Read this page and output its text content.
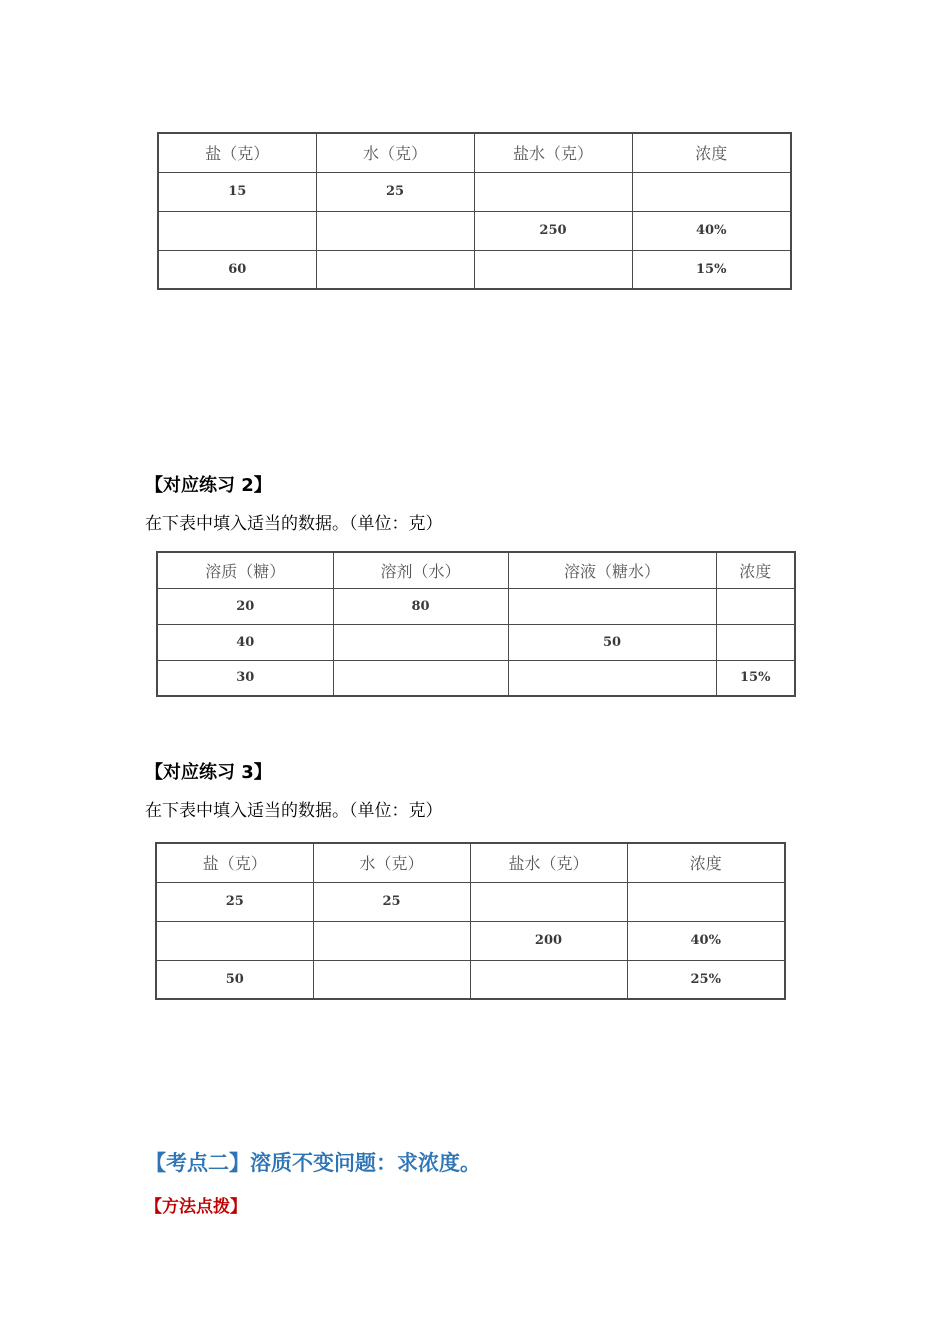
盐（克）	水（克）	盐水（克）	浓度
15	25		
		250	40%
60			15%

【对应练习 2】

在下表中填入适当的数据。（单位：克）

溶质（糖）	溶剂（水）	溶液（糖水）	浓度
20	80		
40		50	
30			15%

【对应练习 3】

在下表中填入适当的数据。（单位：克）

盐（克）	水（克）	盐水（克）	浓度
25	25		
		200	40%
50			25%

【考点二】溶质不变问题：求浓度。

【方法点拨】
